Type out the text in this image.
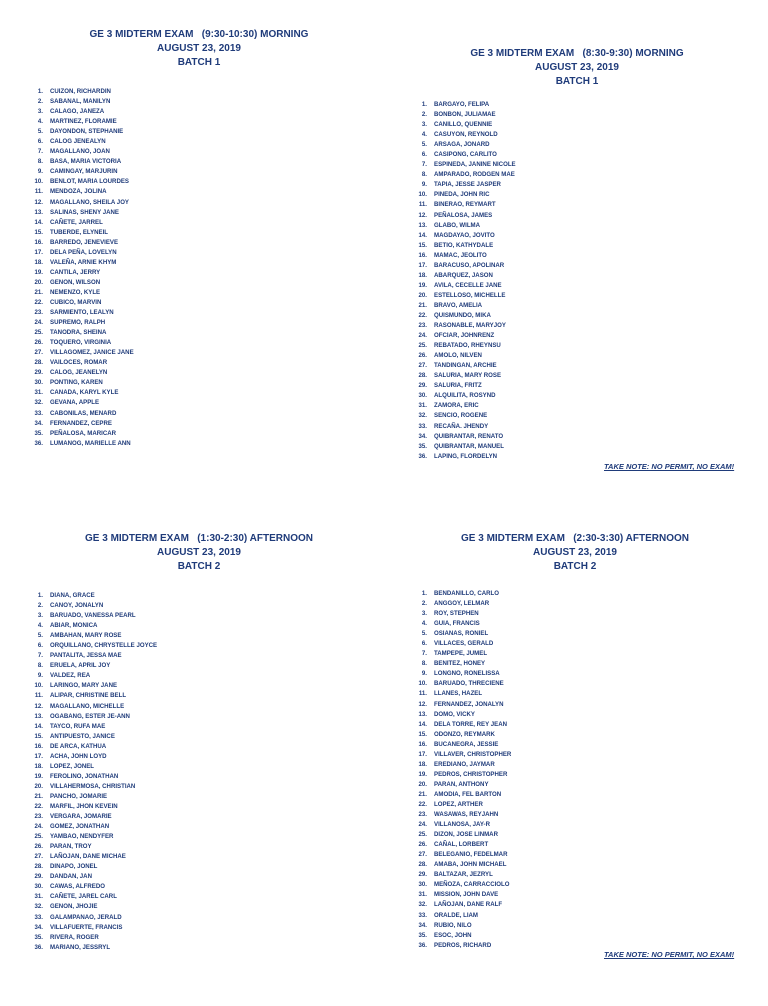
GE 3 MIDTERM EXAM   (9:30-10:30) MORNING
AUGUST 23, 2019
BATCH 1
1. CUIZON, RICHARDIN
2. SABANAL, MANILYN
3. CALAGO, JANEZA
4. MARTINEZ, FLORAMIE
5. DAYONDON, STEPHANIE
6. CALOG JENEALYN
7. MAGALLANO, JOAN
8. BASA, MARIA VICTORIA
9. CAMINGAY, MARJURIN
10. BENLOT, MARIA LOURDES
11. MENDOZA, JOLINA
12. MAGALLANO, SHEILA JOY
13. SALINAS, SHENY JANE
14. CAÑETE, JARREL
15. TUBERDE, ELYNEIL
16. BARREDO, JENEVIEVE
17. DELA PEÑA, LOVELYN
18. VALEÑA, ARNIE KHYM
19. CANTILA, JERRY
20. GENON, WILSON
21. NEMENZO, KYLE
22. CUBICO, MARVIN
23. SARMIENTO, LEALYN
24. SUPREMO, RALPH
25. TANODRA, SHEINA
26. TOQUERO, VIRGINIA
27. VILLAGOMEZ, JANICE JANE
28. VAILOCES, ROMAR
29. CALOG, JEANELYN
30. PONTING, KAREN
31. CANADA, KARYL KYLE
32. GEVANA, APPLE
33. CABONILAS, MENARD
34. FERNANDEZ, CEPRE
35. PEÑALOSA, MARICAR
36. LUMANOG, MARIELLE ANN
GE 3 MIDTERM EXAM   (8:30-9:30) MORNING
AUGUST 23, 2019
BATCH 1
1. BARGAYO, FELIPA
2. BONBON, JULIAMAE
3. CANILLO, QUENNIE
4. CASUYON, REYNOLD
5. ARSAGA, JONARD
6. CASIPONG, CARLITO
7. ESPINEDA, JANINE NICOLE
8. AMPARADO, RODGEN MAE
9. TAPIA, JESSE JASPER
10. PINEDA, JOHN RIC
11. BINERAO, REYMART
12. PEÑALOSA, JAMES
13. GLABO, WILMA
14. MAGDAYAO, JOVITO
15. BETIO, KATHYDALE
16. MAMAC, JEOLITO
17. BARACUSO, APOLINAR
18. ABARQUEZ, JASON
19. AVILA, CECELLE JANE
20. ESTELLOSO, MICHELLE
21. BRAVO, AMELIA
22. QUISMUNDO, MIKA
23. RASONABLE, MARYJOY
24. OFCIAR, JOHNRENZ
25. REBATADO, RHEYNSU
26. AMOLO, NILVEN
27. TANDINGAN, ARCHIE
28. SALURIA, MARY ROSE
29. SALURIA, FRITZ
30. ALQUILITA, ROSYND
31. ZAMORA, ERIC
32. SENCIO, ROGENE
33. RECAÑA. JHENDY
34. QUIBRANTAR, RENATO
35. QUIBRANTAR, MANUEL
36. LAPING, FLORDELYN
TAKE NOTE: NO PERMIT, NO EXAM!
GE 3 MIDTERM EXAM   (1:30-2:30) AFTERNOON
AUGUST 23, 2019
BATCH 2
1. DIANA, GRACE
2. CANOY, JONALYN
3. BARUADO, VANESSA PEARL
4. ABIAR, MONICA
5. AMBAHAN, MARY ROSE
6. ORQUILLANO, CHRYSTELLE JOYCE
7. PANTALITA, JESSA MAE
8. ERUELA, APRIL JOY
9. VALDEZ, REA
10. LARINGO, MARY JANE
11. ALIPAR, CHRISTINE BELL
12. MAGALLANO, MICHELLE
13. OGABANG, ESTER JE-ANN
14. TAYCO, RUFA MAE
15. ANTIPUESTO, JANICE
16. DE ARCA, KATHUA
17. ACHA, JOHN LOYD
18. LOPEZ, JONEL
19. FEROLINO, JONATHAN
20. VILLAHERMOSA, CHRISTIAN
21. PANCHO, JOMARIE
22. MARFIL, JHON KEVEIN
23. VERGARA, JOMARIE
24. GOMEZ, JONATHAN
25. YAMBAO, NENDYFER
26. PARAN, TROY
27. LAÑOJAN, DANE MICHAE
28. DINAPO, JONEL
29. DANDAN, JAN
30. CAWAS, ALFREDO
31. CAÑETE, JAREL CARL
32. GENON, JHOJIE
33. GALAMPANAO, JERALD
34. VILLAFUERTE, FRANCIS
35. RIVERA, ROGER
36. MARIANO, JESSRYL
GE 3 MIDTERM EXAM   (2:30-3:30) AFTERNOON
AUGUST 23, 2019
BATCH 2
1. BENDANILLO, CARLO
2. ANGGOY, LELMAR
3. ROY, STEPHEN
4. GUIA, FRANCIS
5. OSIANAS, RONIEL
6. VILLACES, GERALD
7. TAMPEPE, JUMEL
8. BENITEZ, HONEY
9. LONGNO, RONELISSA
10. BARUADO, THRECIENE
11. LLANES, HAZEL
12. FERNANDEZ, JONALYN
13. DOMO, VICKY
14. DELA TORRE, REY JEAN
15. ODONZO, REYMARK
16. BUCANEGRA, JESSIE
17. VILLAVER, CHRISTOPHER
18. EREDIANO, JAYMAR
19. PEDROS, CHRISTOPHER
20. PARAN, ANTHONY
21. AMODIA, FEL BARTON
22. LOPEZ, ARTHER
23. WASAWAS, REYJAHN
24. VILLANOSA, JAY-R
25. DIZON, JOSE LINMAR
26. CAÑAL, LORBERT
27. BELEGANIO, FEDELMAR
28. AMABA, JOHN MICHAEL
29. BALTAZAR, JEZRYL
30. MEÑOZA, CARRACCIOLO
31. MISSION, JOHN DAVE
32. LAÑOJAN, DANE RALF
33. ORALDE, LIAM
34. RUBIO, NILO
35. ESOC, JOHN
36. PEDROS, RICHARD
TAKE NOTE: NO PERMIT, NO EXAM!
